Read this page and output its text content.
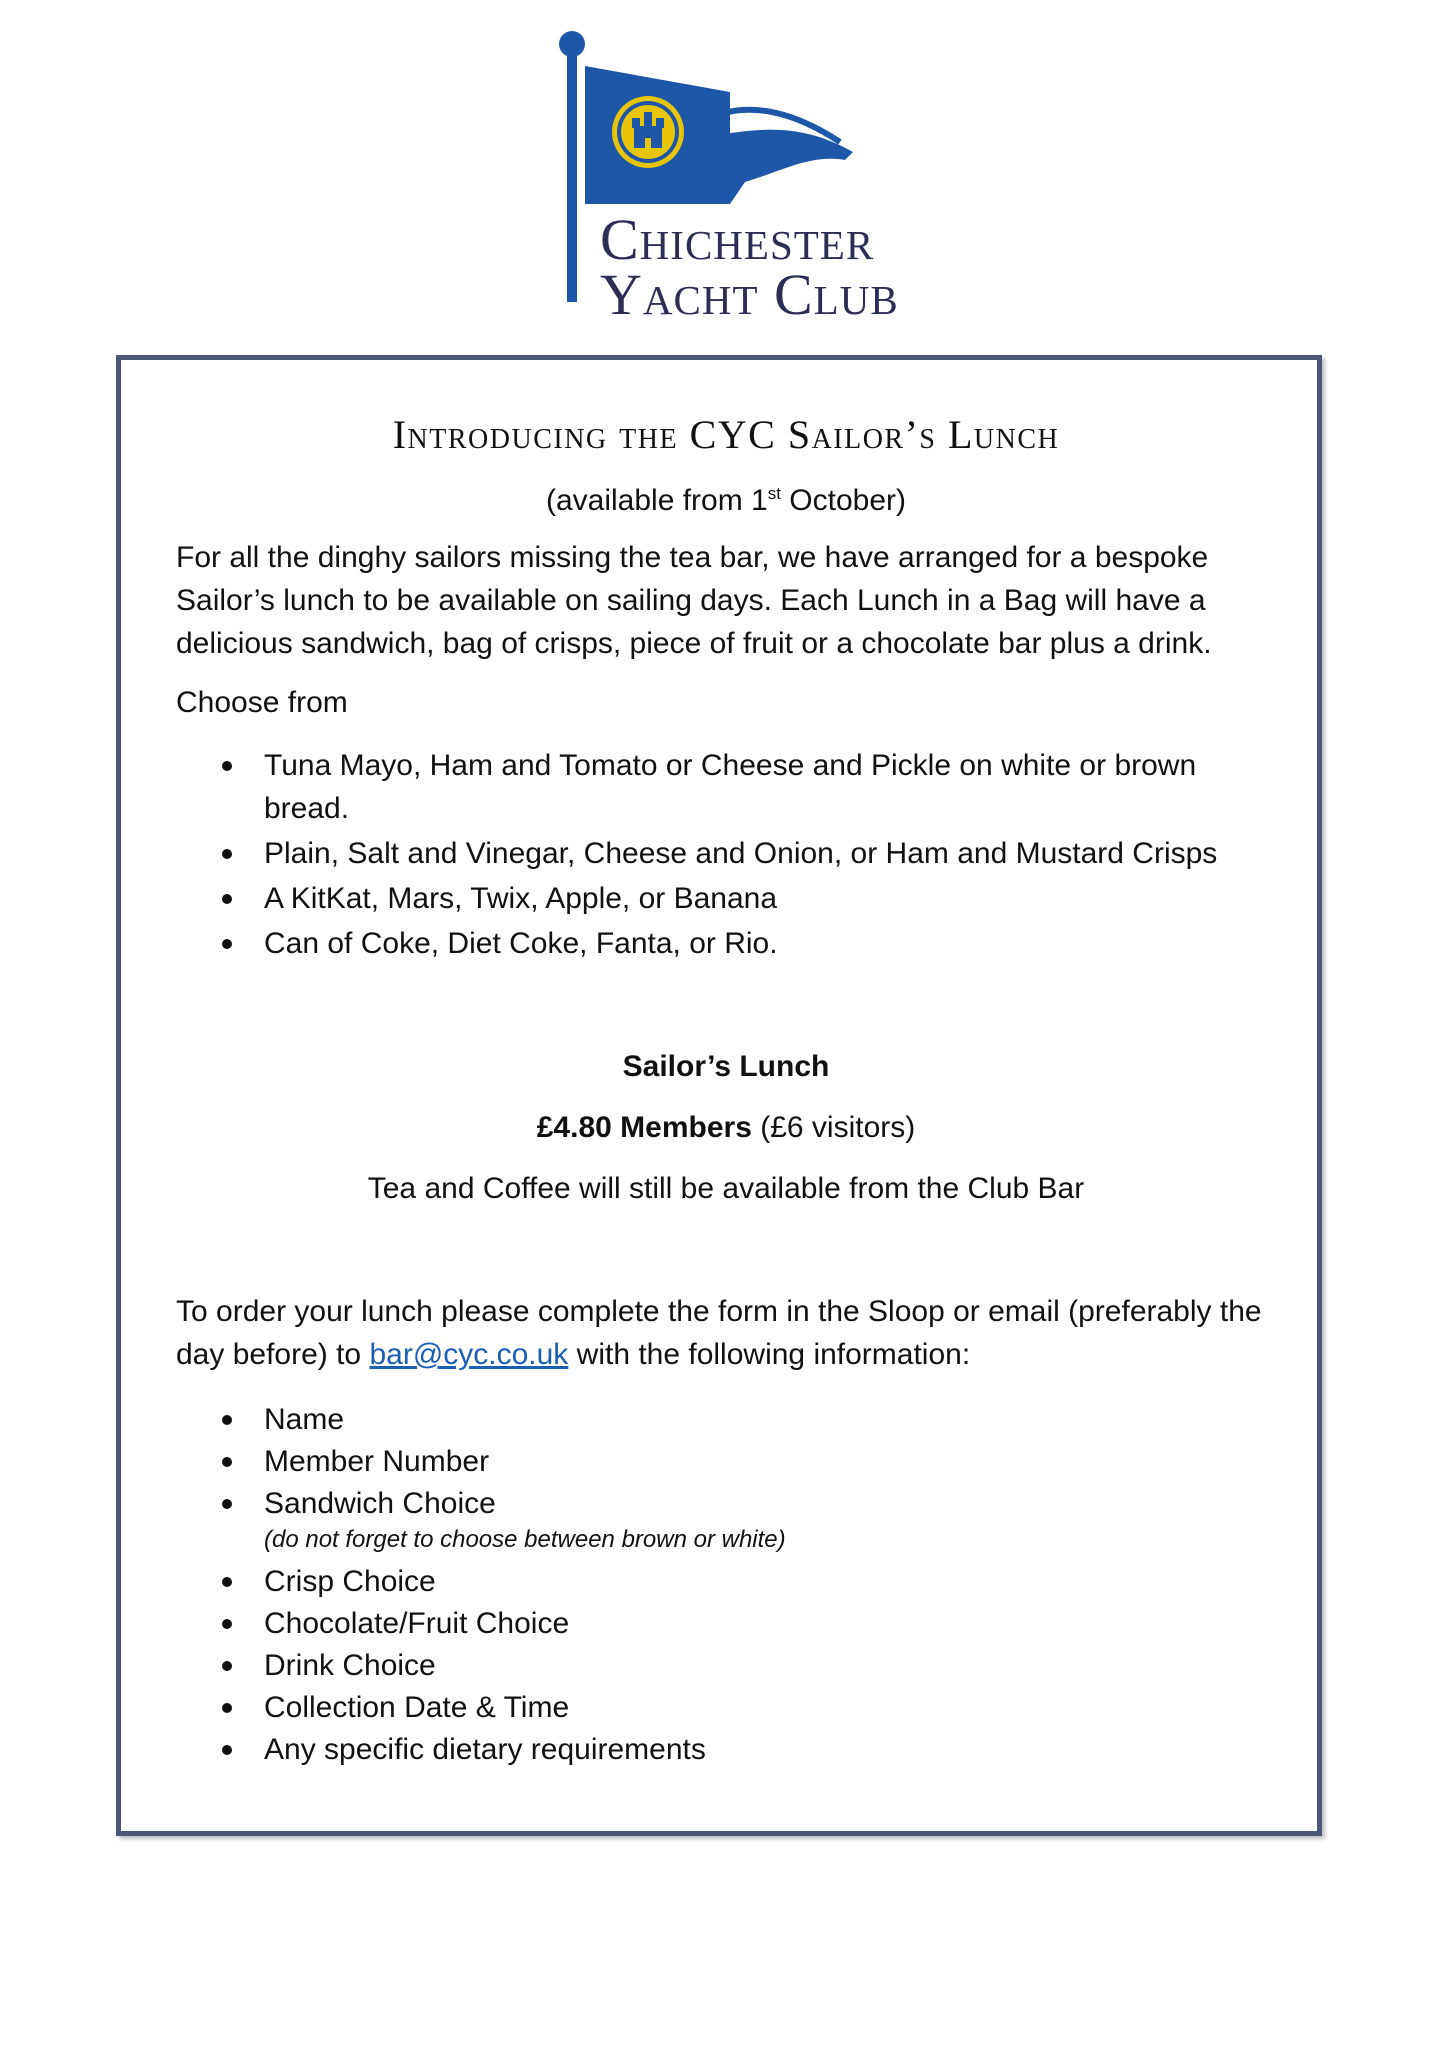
Chichester
Yacht Club
Introducing the CYC Sailor’s Lunch

(available from 1st October)

For all the dinghy sailors missing the tea bar, we have arranged for a bespoke Sailor’s lunch to be available on sailing days. Each Lunch in a Bag will have a delicious sandwich, bag of crisps, piece of fruit or a chocolate bar plus a drink.

Choose from

Tuna Mayo, Ham and Tomato or Cheese and Pickle on white or brown bread.
Plain, Salt and Vinegar, Cheese and Onion, or Ham and Mustard Crisps
A KitKat, Mars, Twix, Apple, or Banana
Can of Coke, Diet Coke, Fanta, or Rio.

Sailor’s Lunch

£4.80 Members (£6 visitors)

Tea and Coffee will still be available from the Club Bar

To order your lunch please complete the form in the Sloop or email (preferably the day before) to bar@cyc.co.uk with the following information:

Name
Member Number
Sandwich Choice
(do not forget to choose between brown or white)
Crisp Choice
Chocolate/Fruit Choice
Drink Choice
Collection Date & Time
Any specific dietary requirements
